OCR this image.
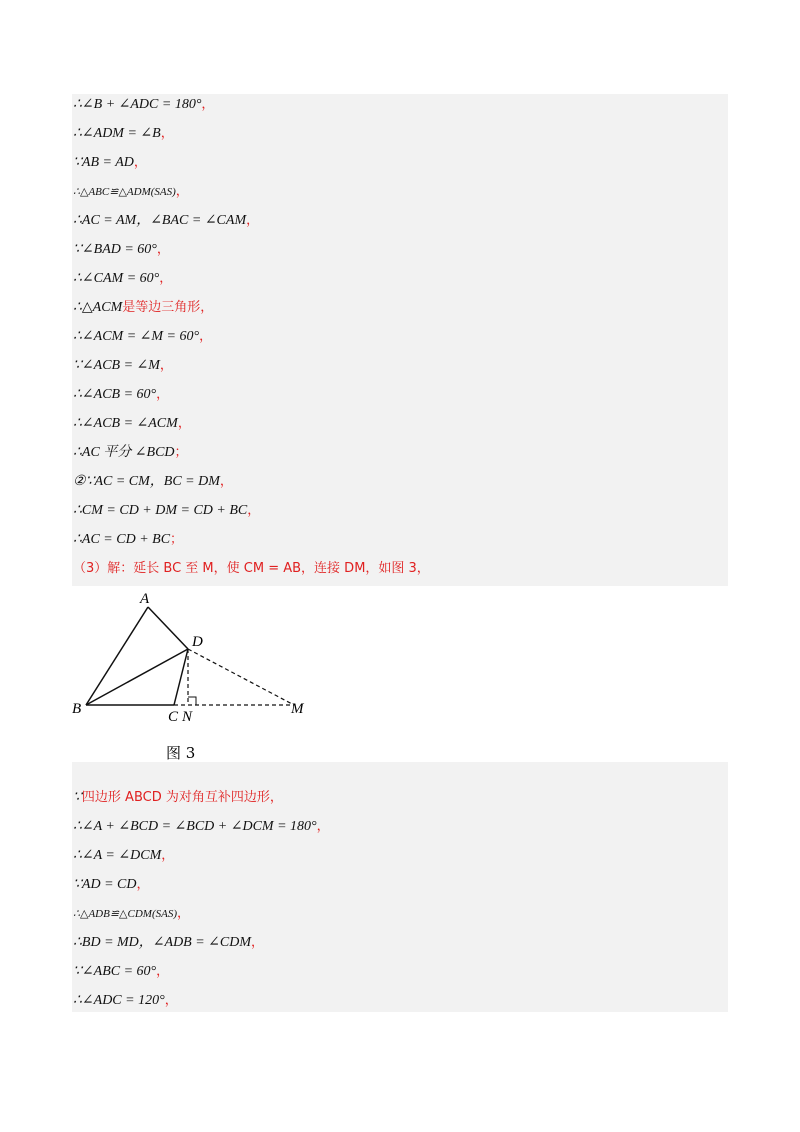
∴∠B + ∠ADC = 180°，
∴∠ADM = ∠B，
∵AB = AD，
∴△ABC≌△ADM(SAS)，
∴AC = AM，∠BAC = ∠CAM，
∵∠BAD = 60°，
∴∠CAM = 60°，
∴△ACM是等边三角形，
∴∠ACM = ∠M = 60°，
∵∠ACB = ∠M，
∴∠ACB = 60°，
∴∠ACB = ∠ACM，
∴AC 平分 ∠BCD；
②∵AC = CM，BC = DM，
∴CM = CD + DM = CD + BC，
∴AC = CD + BC；
（3）解：延长 BC 至 M，使 CM = AB，连接 DM，如图 3，
A
D
B	C N	M
图 3
∵四边形 ABCD 为对角互补四边形，
∴∠A + ∠BCD = ∠BCD + ∠DCM = 180°，
∴∠A = ∠DCM，
∵AD = CD，
∴△ADB≌△CDM(SAS)，
∴BD = MD，∠ADB = ∠CDM，
∵∠ABC = 60°，
∴∠ADC = 120°，
